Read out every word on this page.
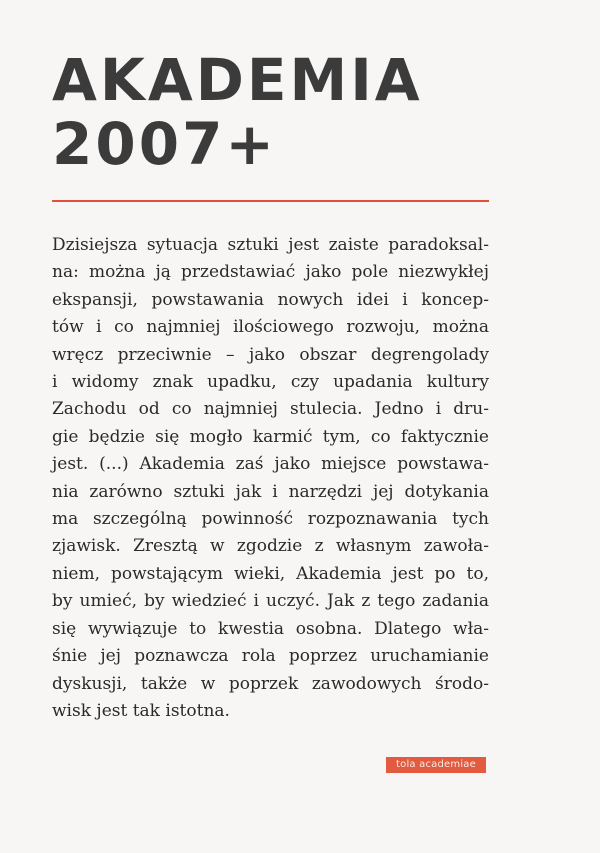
AKADEMIA
2007+
Dzisiejsza sytuacja sztuki jest zaiste paradoksal-
na: można ją przedstawiać jako pole niezwykłej
ekspansji, powstawania nowych idei i koncep-
tów i co najmniej ilościowego rozwoju, można
wręcz przeciwnie – jako obszar degrengolady
i widomy znak upadku, czy upadania kultury
Zachodu od co najmniej stulecia. Jedno i dru-
gie będzie się mogło karmić tym, co faktycznie
jest. (...) Akademia zaś jako miejsce powstawa-
nia zarówno sztuki jak i narzędzi jej dotykania
ma szczególną powinność rozpoznawania tych
zjawisk. Zresztą w zgodzie z własnym zawoła-
niem, powstającym wieki, Akademia jest po to,
by umieć, by wiedzieć i uczyć. Jak z tego zadania
się wywiązuje to kwestia osobna. Dlatego wła-
śnie jej poznawcza rola poprzez uruchamianie
dyskusji, także w poprzek zawodowych środo-
wisk jest tak istotna.
tola academiae
